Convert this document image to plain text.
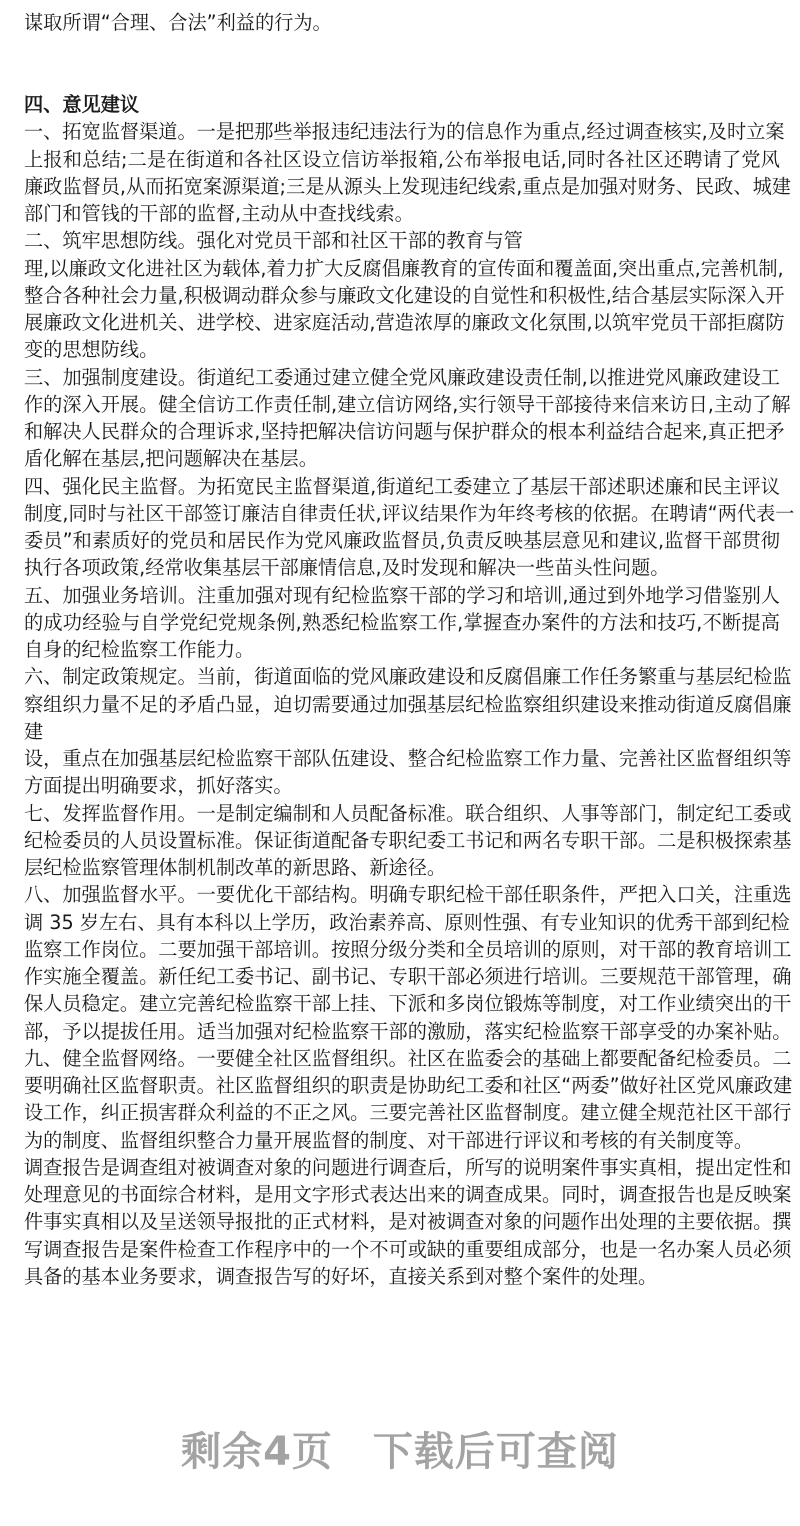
谋取所谓“合理、合法”利益的行为。
四、意见建议
一、拓宽监督渠道。一是把那些举报违纪违法行为的信息作为重点,经过调查核实,及时立案
上报和总结;二是在街道和各社区设立信访举报箱,公布举报电话,同时各社区还聘请了党风
廉政监督员,从而拓宽案源渠道;三是从源头上发现违纪线索,重点是加强对财务、民政、城建
部门和管钱的干部的监督,主动从中查找线索。
二、筑牢思想防线。强化对党员干部和社区干部的教育与管
理,以廉政文化进社区为载体,着力扩大反腐倡廉教育的宣传面和覆盖面,突出重点,完善机制,
整合各种社会力量,积极调动群众参与廉政文化建设的自觉性和积极性,结合基层实际深入开
展廉政文化进机关、进学校、进家庭活动,营造浓厚的廉政文化氛围,以筑牢党员干部拒腐防
变的思想防线。
三、加强制度建设。街道纪工委通过建立健全党风廉政建设责任制,以推进党风廉政建设工
作的深入开展。健全信访工作责任制,建立信访网络,实行领导干部接待来信来访日,主动了解
和解决人民群众的合理诉求,坚持把解决信访问题与保护群众的根本利益结合起来,真正把矛
盾化解在基层,把问题解决在基层。
四、强化民主监督。为拓宽民主监督渠道,街道纪工委建立了基层干部述职述廉和民主评议
制度,同时与社区干部签订廉洁自律责任状,评议结果作为年终考核的依据。在聘请“两代表一
委员”和素质好的党员和居民作为党风廉政监督员,负责反映基层意见和建议,监督干部贯彻
执行各项政策,经常收集基层干部廉情信息,及时发现和解决一些苗头性问题。
五、加强业务培训。注重加强对现有纪检监察干部的学习和培训,通过到外地学习借鉴别人
的成功经验与自学党纪党规条例,熟悉纪检监察工作,掌握查办案件的方法和技巧,不断提高
自身的纪检监察工作能力。
六、制定政策规定。当前，街道面临的党风廉政建设和反腐倡廉工作任务繁重与基层纪检监
察组织力量不足的矛盾凸显，迫切需要通过加强基层纪检监察组织建设来推动街道反腐倡廉
建
设，重点在加强基层纪检监察干部队伍建设、整合纪检监察工作力量、完善社区监督组织等
方面提出明确要求，抓好落实。
七、发挥监督作用。一是制定编制和人员配备标准。联合组织、人事等部门，制定纪工委或
纪检委员的人员设置标准。保证街道配备专职纪委工书记和两名专职干部。二是积极探索基
层纪检监察管理体制机制改革的新思路、新途径。
八、加强监督水平。一要优化干部结构。明确专职纪检干部任职条件，严把入口关，注重选
调 35 岁左右、具有本科以上学历，政治素养高、原则性强、有专业知识的优秀干部到纪检
监察工作岗位。二要加强干部培训。按照分级分类和全员培训的原则，对干部的教育培训工
作实施全覆盖。新任纪工委书记、副书记、专职干部必须进行培训。三要规范干部管理，确
保人员稳定。建立完善纪检监察干部上挂、下派和多岗位锻炼等制度，对工作业绩突出的干
部，予以提拔任用。适当加强对纪检监察干部的激励，落实纪检监察干部享受的办案补贴。
九、健全监督网络。一要健全社区监督组织。社区在监委会的基础上都要配备纪检委员。二
要明确社区监督职责。社区监督组织的职责是协助纪工委和社区“两委”做好社区党风廉政建
设工作，纠正损害群众利益的不正之风。三要完善社区监督制度。建立健全规范社区干部行
为的制度、监督组织整合力量开展监督的制度、对干部进行评议和考核的有关制度等。
调查报告是调查组对被调查对象的问题进行调查后，所写的说明案件事实真相，提出定性和
处理意见的书面综合材料，是用文字形式表达出来的调查成果。同时，调查报告也是反映案
件事实真相以及呈送领导报批的正式材料，是对被调查对象的问题作出处理的主要依据。撰
写调查报告是案件检查工作程序中的一个不可或缺的重要组成部分，也是一名办案人员必须
具备的基本业务要求，调查报告写的好坏，直接关系到对整个案件的处理。
剩余4页 下载后可查阅
